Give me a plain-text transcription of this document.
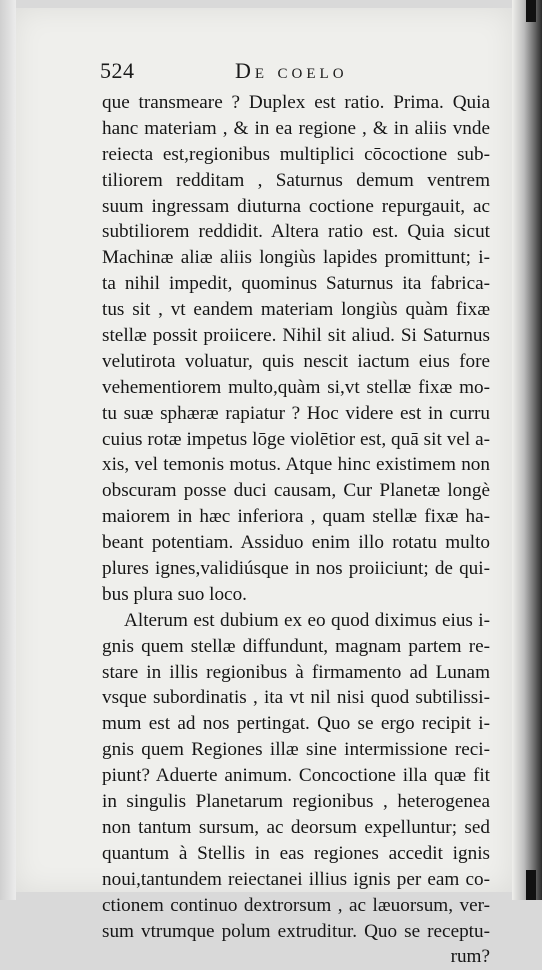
524	De coelo
que transmeare ? Duplex est ratio. Prima. Quia
hanc materiam , & in ea regione , & in aliis vnde
reiecta est,regionibus multiplici cōcoctione sub-
tiliorem redditam , Saturnus demum ventrem
suum ingressam diuturna coctione repurgauit, ac
subtiliorem reddidit. Altera ratio est. Quia sicut
Machinæ aliæ aliis longiùs lapides promittunt; i-
ta nihil impedit, quominus Saturnus ita fabrica-
tus sit , vt eandem materiam longiùs quàm fixæ
stellæ possit proiicere. Nihil sit aliud. Si Saturnus
velutirota voluatur, quis nescit iactum eius fore
vehementiorem multo,quàm si,vt stellæ fixæ mo-
tu suæ sphæræ rapiatur ? Hoc videre est in curru
cuius rotæ impetus lōge violētior est, quā sit vel a-
xis, vel temonis motus. Atque hinc existimem non
obscuram posse duci causam, Cur Planetæ longè
maiorem in hæc inferiora , quam stellæ fixæ ha-
beant potentiam. Assiduo enim illo rotatu multo
plures ignes,validiúsque in nos proiiciunt; de qui-
bus plura suo loco.
Alterum est dubium ex eo quod diximus eius i-
gnis quem stellæ diffundunt, magnam partem re-
stare in illis regionibus à firmamento ad Lunam
vsque subordinatis , ita vt nil nisi quod subtilissi-
mum est ad nos pertingat. Quo se ergo recipit i-
gnis quem Regiones illæ sine intermissione reci-
piunt? Aduerte animum. Concoctione illa quæ fit
in singulis Planetarum regionibus , heterogenea
non tantum sursum, ac deorsum expelluntur; sed
quantum à Stellis in eas regiones accedit ignis
noui,tantundem reiectanei illius ignis per eam co-
ctionem continuo dextrorsum , ac læuorsum, ver-
sum vtrumque polum extruditur. Quo se receptu-
rum?
